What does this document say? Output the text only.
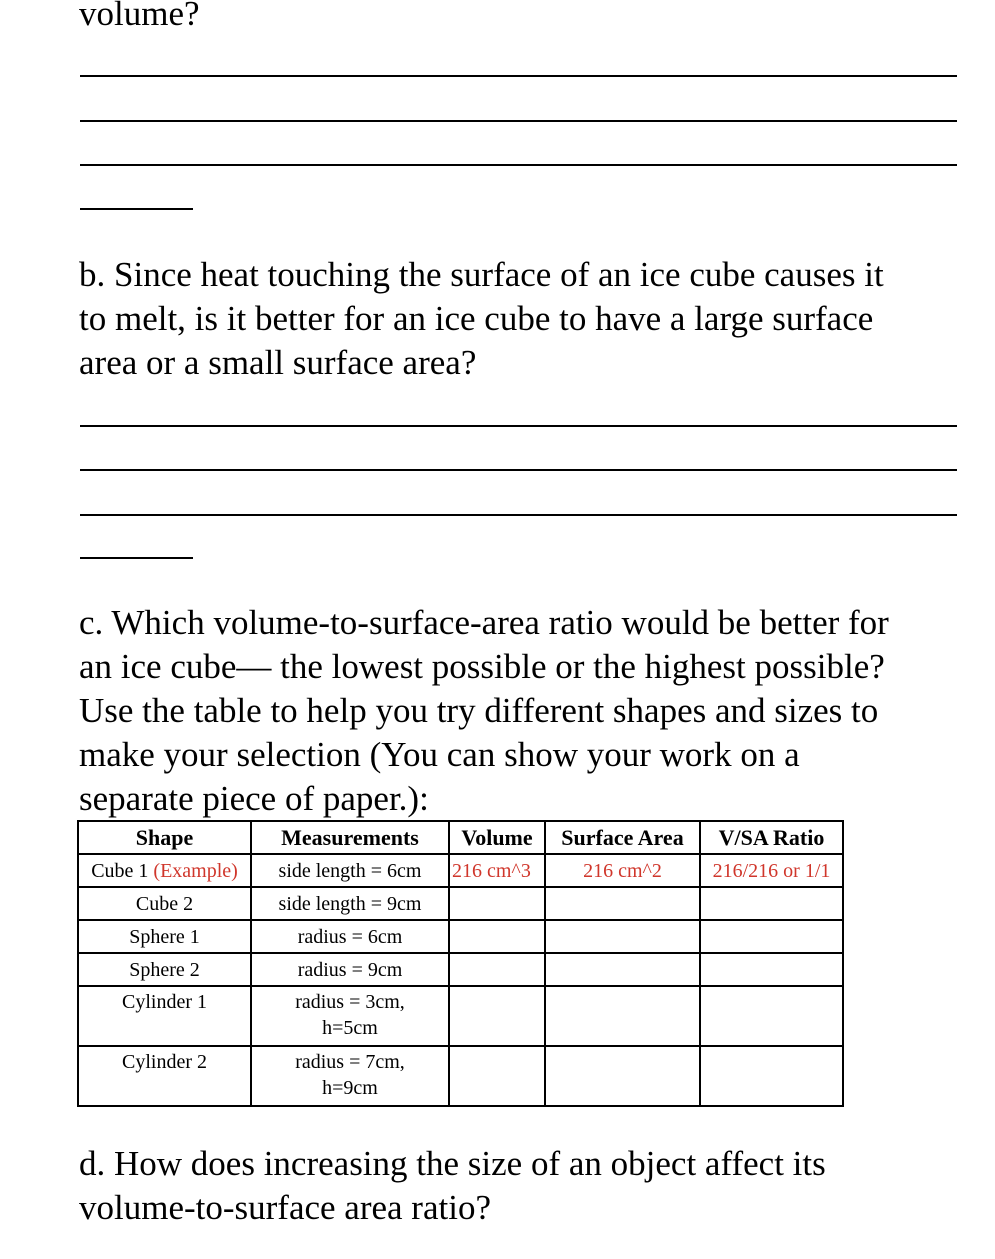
volume?
b. Since heat touching the surface of an ice cube causes it
to melt, is it better for an ice cube to have a large surface
area or a small surface area?
c. Which volume-to-surface-area ratio would be better for
an ice cube— the lowest possible or the highest possible?
Use the table to help you try different shapes and sizes to
make your selection (You can show your work on a
separate piece of paper.):
Shape	Measurements	Volume	Surface Area	V/SA Ratio
Cube 1 (Example)	side length = 6cm	216 cm^3	216 cm^2	216/216 or 1/1
Cube 2	side length = 9cm			
Sphere 1	radius = 6cm			
Sphere 2	radius = 9cm			
Cylinder 1	radius = 3cm,
h=5cm			

Cylinder 2	radius = 7cm,
h=9cm			

d. How does increasing the size of an object affect its
volume-to-surface area ratio?
